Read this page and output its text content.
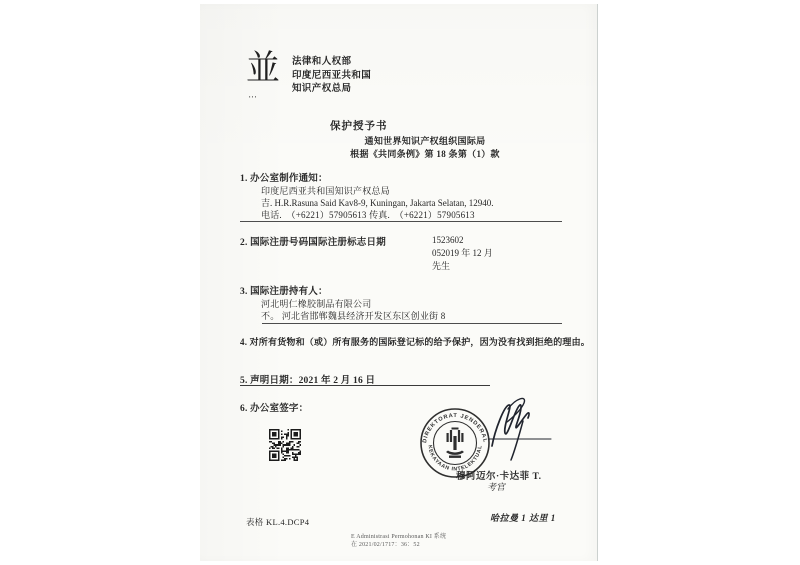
並
▪▪▪
法律和人权部
印度尼西亚共和国
知识产权总局
保护授予书
通知世界知识产权组织国际局
根据《共同条例》第 18 条第（1）款
1. 办公室制作通知：
印度尼西亚共和国知识产权总局
吉. H.R.Rasuna Said Kav8-9, Kuningan, Jakarta Selatan, 12940.
电话.　（+6221）57905613 传真.　（+6221）57905613
2. 国际注册号码国际注册标志日期	1523602
052019 年 12 月
先生
3. 国际注册持有人：
河北明仁橡胶制品有限公司
不。 河北省邯郸魏县经济开发区东区创业街 8
4. 对所有货物和（或）所有服务的国际登记标的给予保护，因为没有找到拒绝的理由。
5. 声明日期：2021 年 2 月 16 日
6. 办公室签字：
DIREKTORAT JENDERAL
KEKAYAAN INTELEKTUAL
穆阿迈尔·卡达菲 T.
考官
表格 KL.4.DCP4	哈拉曼 1 达里 1
E Administrasi Permohonan KI 系统
在 2021/02/1717：36：52
